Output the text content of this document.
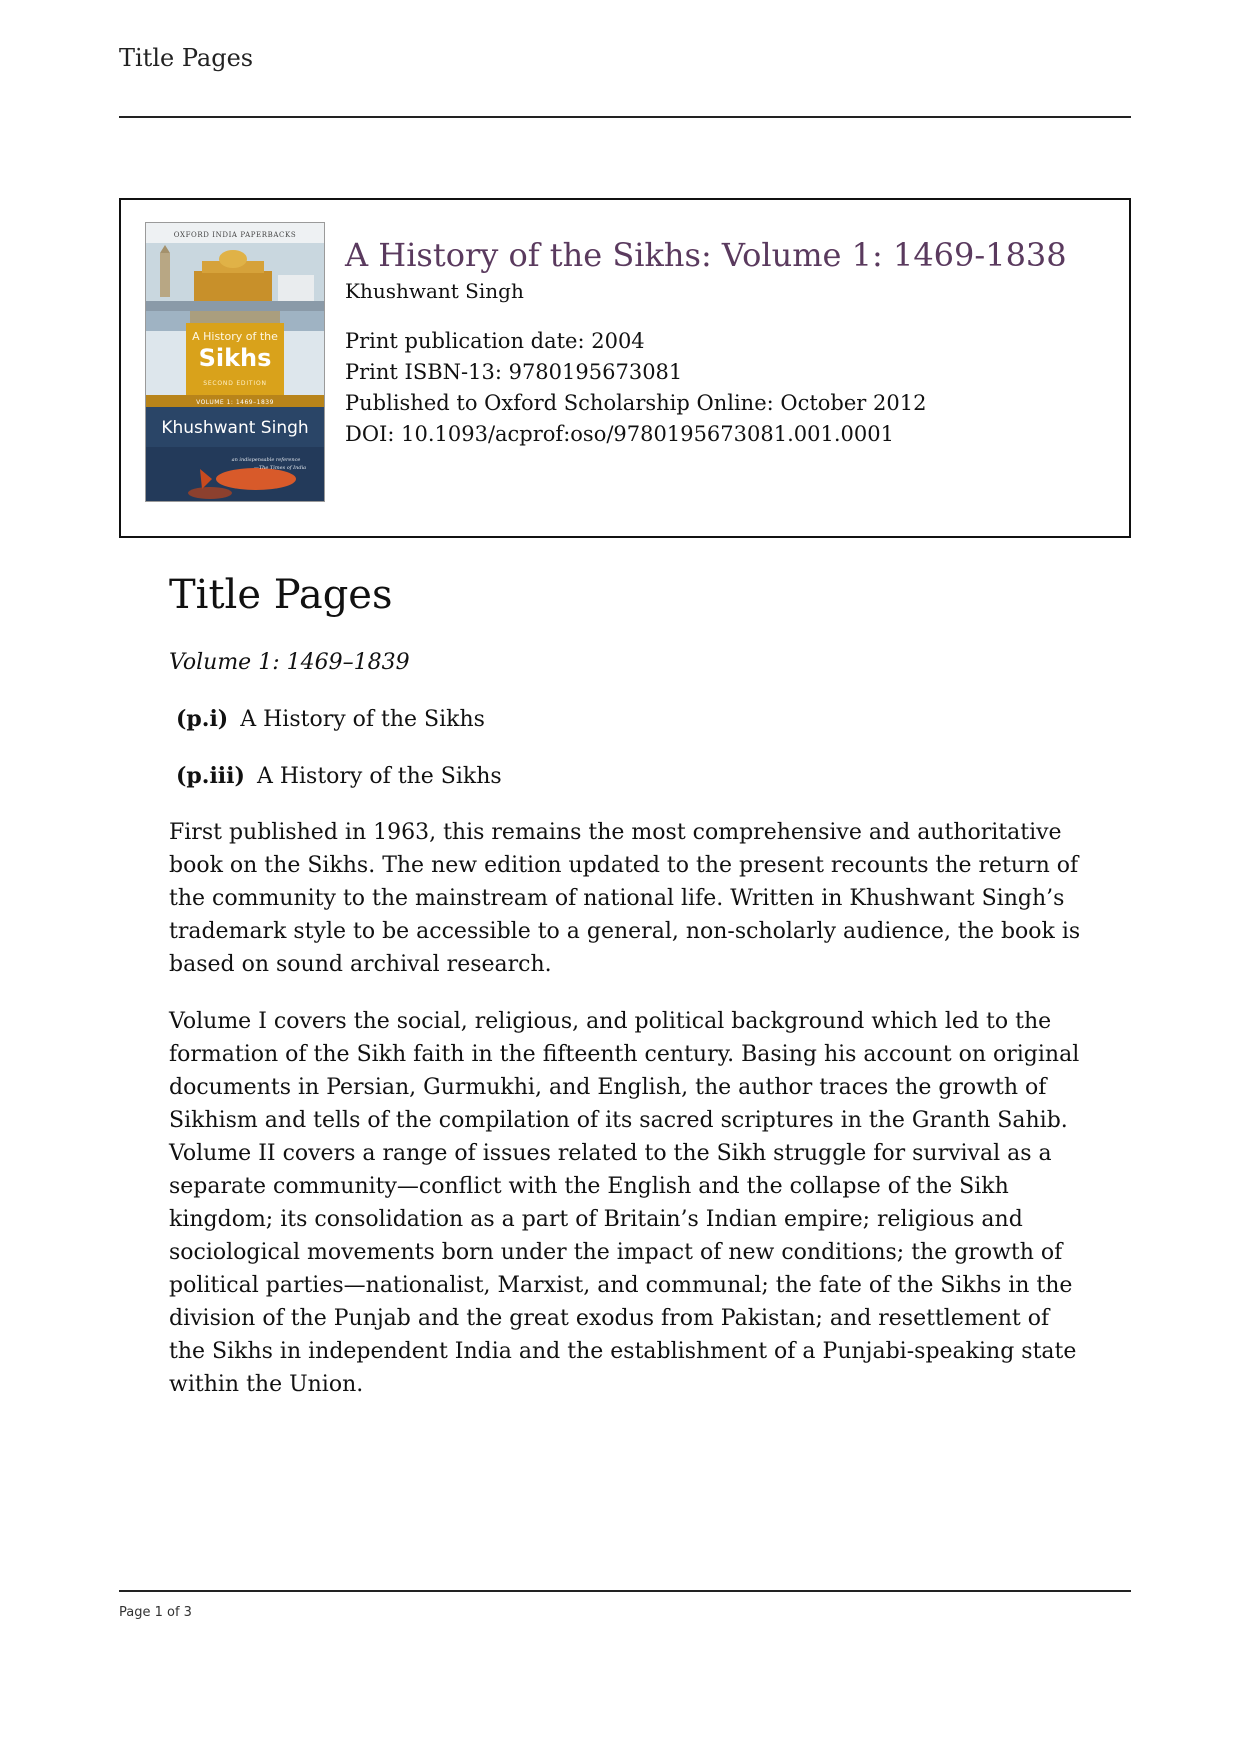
Title Pages
OXFORD INDIA PAPERBACKS
A History of the
Sikhs
SECOND EDITION
VOLUME 1: 1469–1839
Khushwant Singh
an indispensable reference
—The Times of India
A History of the Sikhs: Volume 1: 1469-1838
Khushwant Singh
Print publication date: 2004
Print ISBN-13: 9780195673081
Published to Oxford Scholarship Online: October 2012
DOI: 10.1093/acprof:oso/9780195673081.001.0001
Title Pages
Volume 1: 1469–1839
(p.i) A History of the Sikhs
(p.iii) A History of the Sikhs

First published in 1963, this remains the most comprehensive and authoritative book on the Sikhs. The new edition updated to the present recounts the return of the community to the mainstream of national life. Written in Khushwant Singh’s trademark style to be accessible to a general, non-scholarly audience, the book is based on sound archival research.

Volume I covers the social, religious, and political background which led to the formation of the Sikh faith in the fifteenth century. Basing his account on original documents in Persian, Gurmukhi, and English, the author traces the growth of Sikhism and tells of the compilation of its sacred scriptures in the Granth Sahib. Volume II covers a range of issues related to the Sikh struggle for survival as a separate community—conflict with the English and the collapse of the Sikh kingdom; its consolidation as a part of Britain’s Indian empire; religious and sociological movements born under the impact of new conditions; the growth of political parties—nationalist, Marxist, and communal; the fate of the Sikhs in the division of the Punjab and the great exodus from Pakistan; and resettlement of the Sikhs in independent India and the establishment of a Punjabi-speaking state within the Union.

Page 1 of 3
